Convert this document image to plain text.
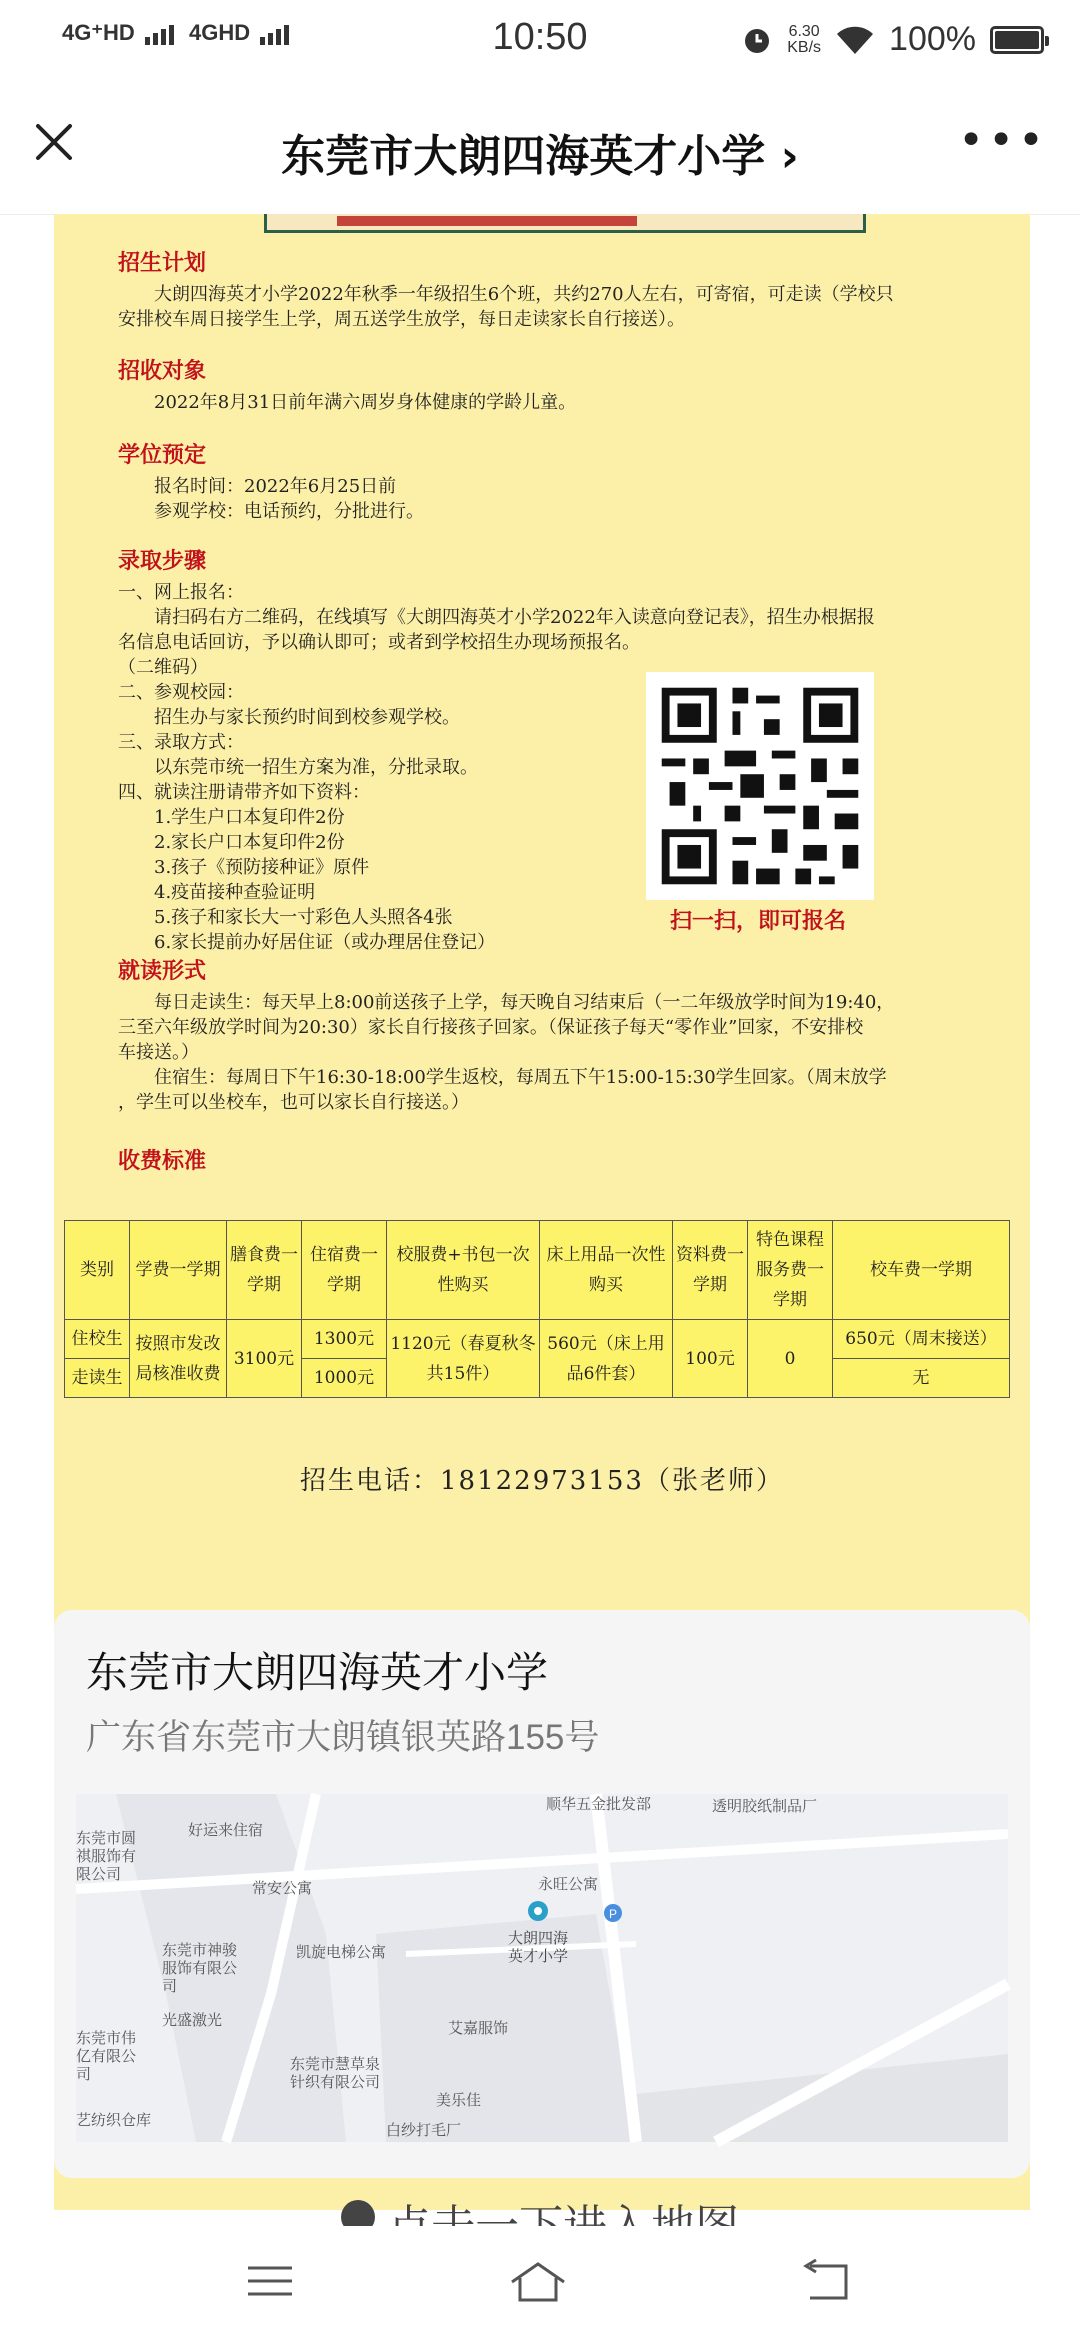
4G⁺HD 4GHD	10:50	6.30
KB/s 100%
东莞市大朗四海英才小学 ›	•••
招生计划
大朗四海英才小学2022年秋季一年级招生6个班，共约270人左右，可寄宿，可走读（学校只
安排校车周日接学生上学，周五送学生放学，每日走读家长自行接送）。
招收对象
2022年8月31日前年满六周岁身体健康的学龄儿童。
学位预定
报名时间：2022年6月25日前
参观学校：电话预约，分批进行。
录取步骤
一、网上报名：
请扫码右方二维码，在线填写《大朗四海英才小学2022年入读意向登记表》，招生办根据报
名信息电话回访，予以确认即可；或者到学校招生办现场预报名。
（二维码）
二、参观校园：
招生办与家长预约时间到校参观学校。
三、录取方式：
以东莞市统一招生方案为准，分批录取。
四、就读注册请带齐如下资料：
1.学生户口本复印件2份
2.家长户口本复印件2份
3.孩子《预防接种证》原件
4.疫苗接种查验证明
5.孩子和家长大一寸彩色人头照各4张
6.家长提前办好居住证（或办理居住登记）
扫一扫，即可报名
就读形式
每日走读生：每天早上8:00前送孩子上学，每天晚自习结束后（一二年级放学时间为19:40，
三至六年级放学时间为20:30）家长自行接孩子回家。（保证孩子每天“零作业”回家，不安排校
车接送。）
住宿生：每周日下午16:30-18:00学生返校，每周五下午15:00-15:30学生回家。（周末放学
，学生可以坐校车，也可以家长自行接送。）
收费标准
类别	学费一学期	膳食费一学期	住宿费一学期	校服费+书包一次性购买	床上用品一次性购买	资料费一学期	特色课程服务费一学期	校车费一学期
住校生	按照市发改局核准收费	3100元	1300元	1120元（春夏秋冬共15件）	560元（床上用品6件套）	100元	0	650元（周末接送）
走读生			1000元					无
招生电话：18122973153（张老师）
东莞市大朗四海英才小学
广东省东莞市大朗镇银英路155号
P
透明胶纸制品厂
顺华五金批发部
好运来住宿
常安公寓	永旺公寓
东莞市神骏服饰有限公司
凯旋电梯公寓
大朗四海英才小学
光盛激光	艾嘉服饰
东莞市伟亿有限公司
东莞市慧草泉针织有限公司
美乐佳
白纱打毛厂
艺纺织仓库
东莞市圆祺服饰有限公司
